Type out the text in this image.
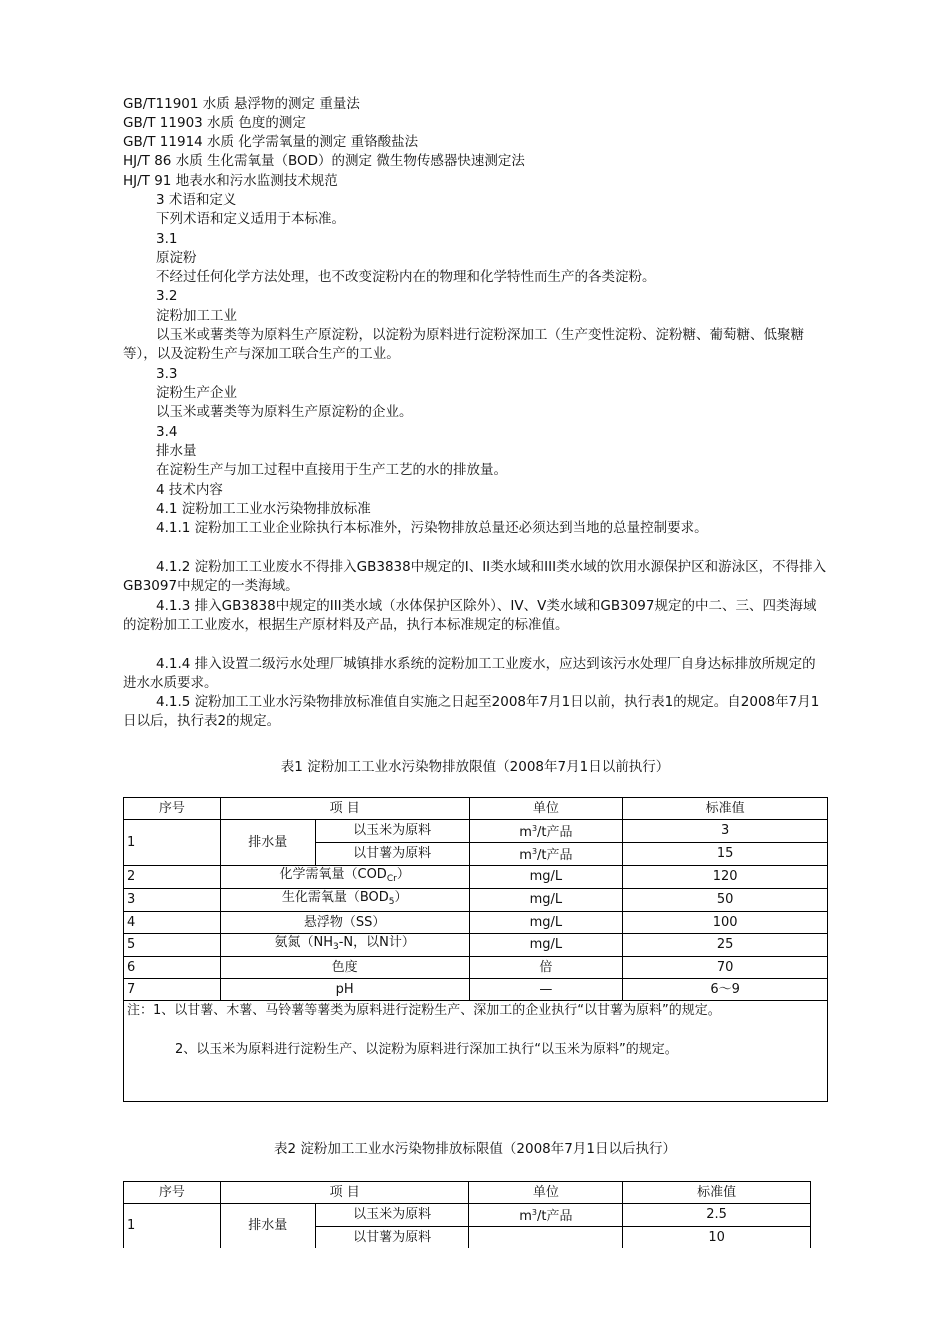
GB/T11901 水质 悬浮物的测定 重量法
GB/T 11903 水质 色度的测定
GB/T 11914 水质 化学需氧量的测定 重铬酸盐法
HJ/T 86 水质 生化需氧量（BOD）的测定 微生物传感器快速测定法
HJ/T 91 地表水和污水监测技术规范
3 术语和定义
下列术语和定义适用于本标准。
3.1
原淀粉
不经过任何化学方法处理，也不改变淀粉内在的物理和化学特性而生产的各类淀粉。
3.2
淀粉加工工业
以玉米或薯类等为原料生产原淀粉，以淀粉为原料进行淀粉深加工（生产变性淀粉、淀粉糖、葡萄糖、低聚糖等），以及淀粉生产与深加工联合生产的工业。
3.3
淀粉生产企业
以玉米或薯类等为原料生产原淀粉的企业。
3.4
排水量
在淀粉生产与加工过程中直接用于生产工艺的水的排放量。
4 技术内容
4.1 淀粉加工工业水污染物排放标准
4.1.1 淀粉加工工业企业除执行本标准外，污染物排放总量还必须达到当地的总量控制要求。
4.1.2 淀粉加工工业废水不得排入GB3838中规定的I、II类水域和III类水域的饮用水源保护区和游泳区，不得排入GB3097中规定的一类海域。
4.1.3 排入GB3838中规定的III类水域（水体保护区除外）、IV、V类水域和GB3097规定的中二、三、四类海域的淀粉加工工业废水，根据生产原材料及产品，执行本标准规定的标准值。
4.1.4 排入设置二级污水处理厂城镇排水系统的淀粉加工工业废水，应达到该污水处理厂自身达标排放所规定的进水水质要求。
4.1.5 淀粉加工工业水污染物排放标准值自实施之日起至2008年7月1日以前，执行表1的规定。自2008年7月1日以后，执行表2的规定。
表1 淀粉加工工业水污染物排放限值（2008年7月1日以前执行）
序号	项 目		单位	标准值
1	排水量	以玉米为原料	$m^3/t$产品	3
		以甘薯为原料	$m^3/t$产品	15
2	化学需氧量$(COD_{Cr})$		mg/L	120
3	生化需氧量$(BOD_5)$		mg/L	50
4	悬浮物（SS）		mg/L	100
5	氨氮（$NH_3-N$，以N计）		mg/L	25
6	色度		倍	70
7	pH		—	6～9

注：1、以甘薯、木薯、马铃薯等薯类为原料进行淀粉生产、深加工的企业执行“以甘薯为原料”的规定。
2、以玉米为原料进行淀粉生产、以淀粉为原料进行深加工执行“以玉米为原料”的规定。				
表2 淀粉加工工业水污染物排放标限值（2008年7月1日以后执行）
序号	项 目		单位	标准值
1	排水量	以玉米为原料	$m^3/t$产品	2.5
		以甘薯为原料		10
